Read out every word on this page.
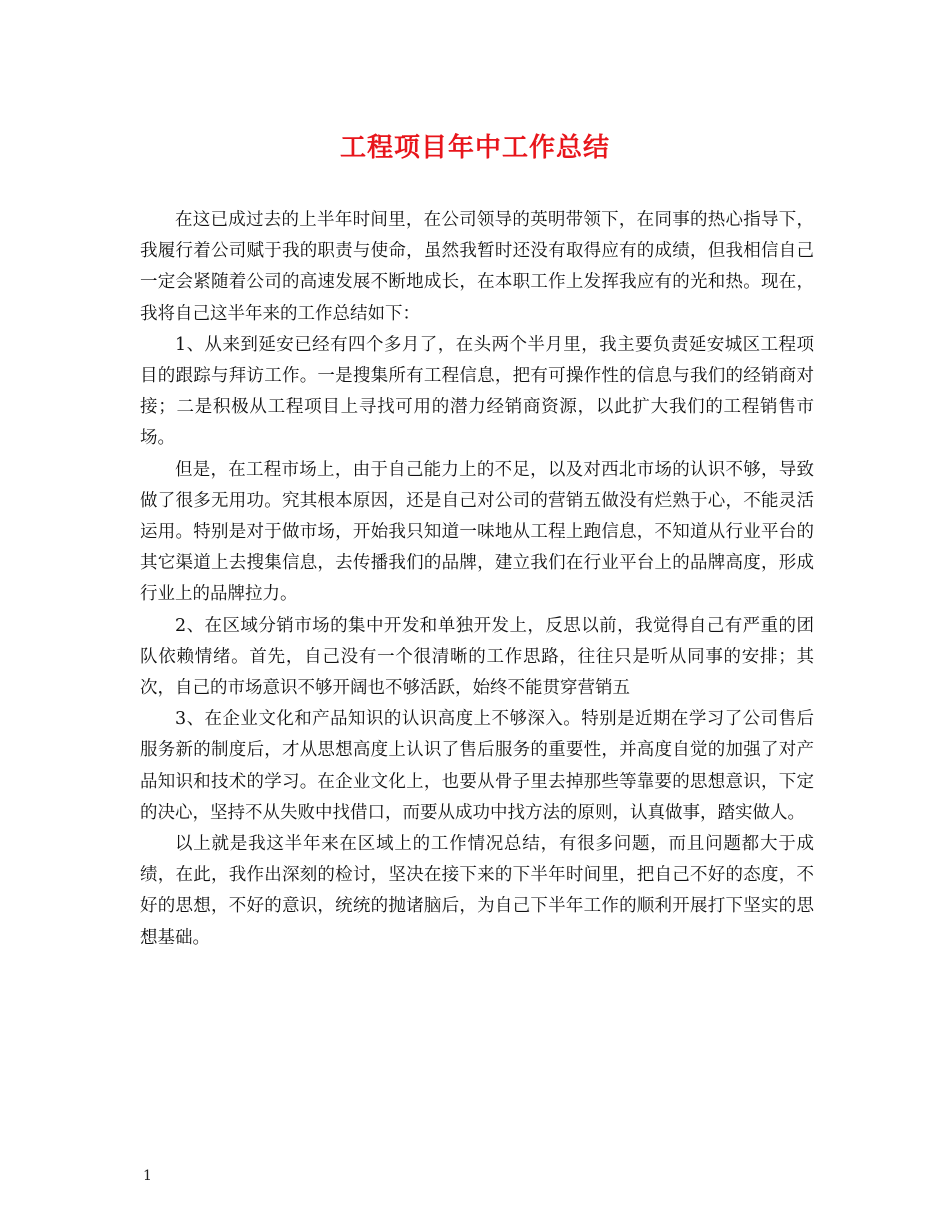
工程项目年中工作总结

在这已成过去的上半年时间里，在公司领导的英明带领下，在同事的热心指导下，我履行着公司赋于我的职责与使命，虽然我暂时还没有取得应有的成绩，但我相信自己一定会紧随着公司的高速发展不断地成长，在本职工作上发挥我应有的光和热。现在，我将自己这半年来的工作总结如下：

1、从来到延安已经有四个多月了，在头两个半月里，我主要负责延安城区工程项目的跟踪与拜访工作。一是搜集所有工程信息，把有可操作性的信息与我们的经销商对接；二是积极从工程项目上寻找可用的潜力经销商资源，以此扩大我们的工程销售市场。

但是，在工程市场上，由于自己能力上的不足，以及对西北市场的认识不够，导致做了很多无用功。究其根本原因，还是自己对公司的营销五做没有烂熟于心，不能灵活运用。特别是对于做市场，开始我只知道一味地从工程上跑信息，不知道从行业平台的其它渠道上去搜集信息，去传播我们的品牌，建立我们在行业平台上的品牌高度，形成行业上的品牌拉力。

2、在区域分销市场的集中开发和单独开发上，反思以前，我觉得自己有严重的团队依赖情绪。首先，自己没有一个很清晰的工作思路，往往只是听从同事的安排；其次，自己的市场意识不够开阔也不够活跃，始终不能贯穿营销五

3、在企业文化和产品知识的认识高度上不够深入。特别是近期在学习了公司售后服务新的制度后，才从思想高度上认识了售后服务的重要性，并高度自觉的加强了对产品知识和技术的学习。在企业文化上，也要从骨子里去掉那些等靠要的思想意识，下定的决心，坚持不从失败中找借口，而要从成功中找方法的原则，认真做事，踏实做人。

以上就是我这半年来在区域上的工作情况总结，有很多问题，而且问题都大于成绩，在此，我作出深刻的检讨，坚决在接下来的下半年时间里，把自己不好的态度，不好的思想，不好的意识，统统的抛诸脑后，为自己下半年工作的顺利开展打下坚实的思想基础。

1
